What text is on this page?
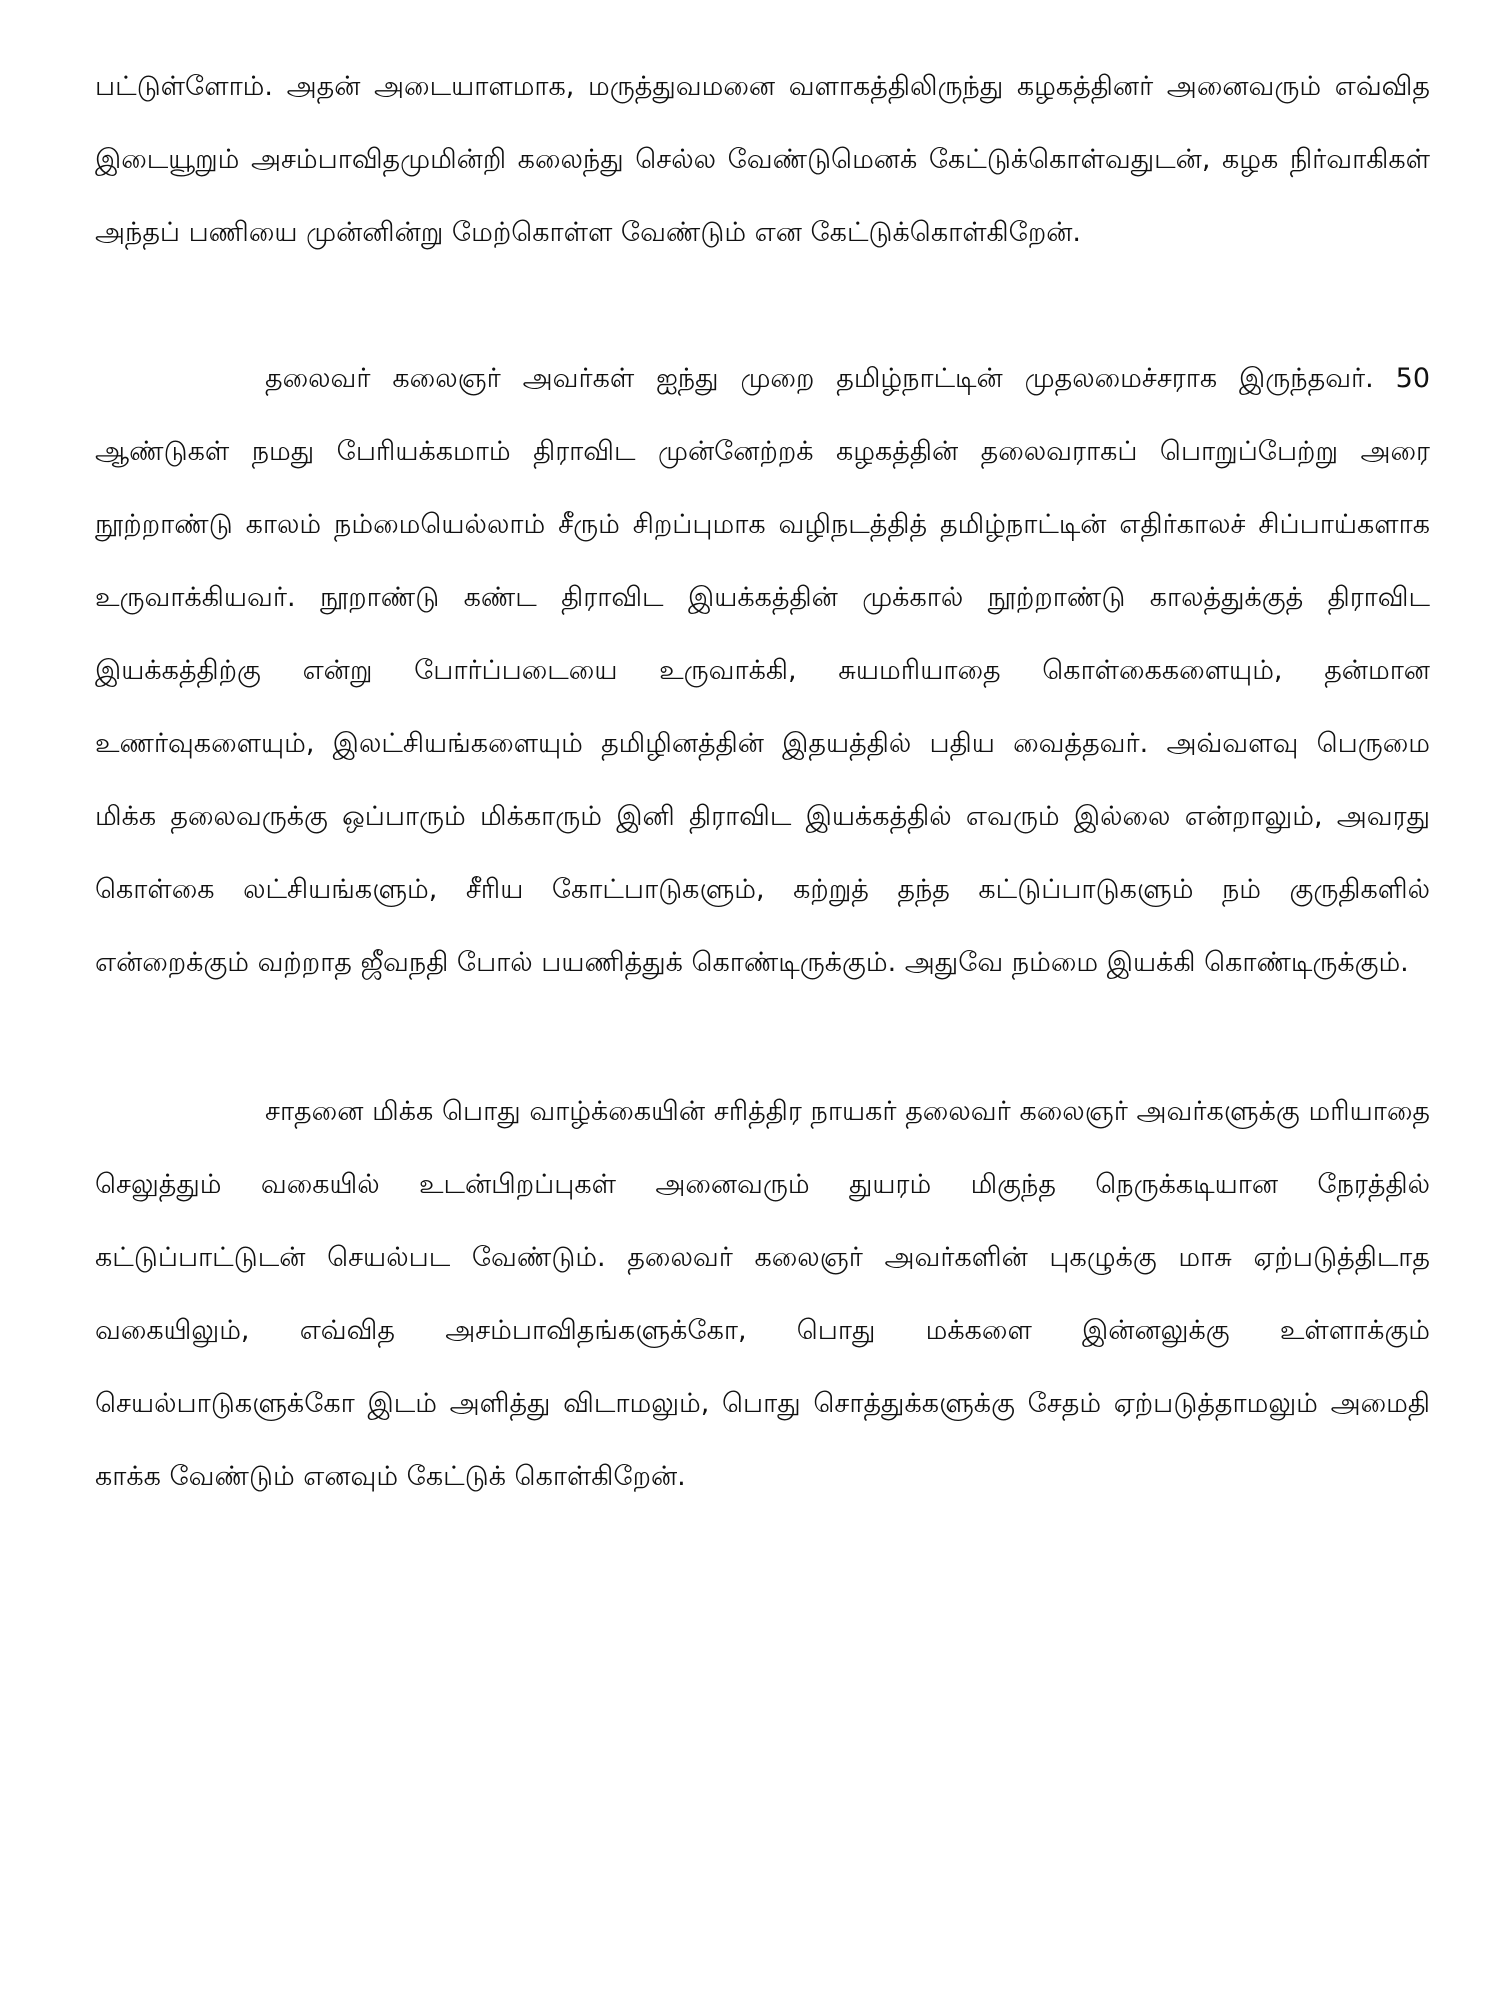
பட்டுள்ளோம். அதன் அடையாளமாக, மருத்துவமனை வளாகத்திலிருந்து கழகத்தினர் அனைவரும் எவ்வித இடையூறும் அசம்பாவிதமுமின்றி கலைந்து செல்ல வேண்டுமெனக் கேட்டுக்கொள்வதுடன், கழக நிர்வாகிகள் அந்தப் பணியை முன்னின்று மேற்கொள்ள வேண்டும் என கேட்டுக்கொள்கிறேன்.

தலைவர் கலைஞர் அவர்கள் ஐந்து முறை தமிழ்நாட்டின் முதலமைச்சராக இருந்தவர். 50 ஆண்டுகள் நமது பேரியக்கமாம் திராவிட முன்னேற்றக் கழகத்தின் தலைவராகப் பொறுப்பேற்று அரை நூற்றாண்டு காலம் நம்மையெல்லாம் சீரும் சிறப்புமாக வழிநடத்தித் தமிழ்நாட்டின் எதிர்காலச் சிப்பாய்களாக உருவாக்கியவர். நூறாண்டு கண்ட திராவிட இயக்கத்தின் முக்கால் நூற்றாண்டு காலத்துக்குத் திராவிட இயக்கத்திற்கு என்று போர்ப்படையை உருவாக்கி, சுயமரியாதை கொள்கைகளையும், தன்மான உணர்வுகளையும், இலட்சியங்களையும் தமிழினத்தின் இதயத்தில் பதிய வைத்தவர். அவ்வளவு பெருமை மிக்க தலைவருக்கு ஒப்பாரும் மிக்காரும் இனி திராவிட இயக்கத்தில் எவரும் இல்லை என்றாலும், அவரது கொள்கை லட்சியங்களும், சீரிய கோட்பாடுகளும், கற்றுத் தந்த கட்டுப்பாடுகளும் நம் குருதிகளில் என்றைக்கும் வற்றாத ஜீவநதி போல் பயணித்துக் கொண்டிருக்கும். அதுவே நம்மை இயக்கி கொண்டிருக்கும்.

சாதனை மிக்க பொது வாழ்க்கையின் சரித்திர நாயகர் தலைவர் கலைஞர் அவர்களுக்கு மரியாதை செலுத்தும் வகையில் உடன்பிறப்புகள் அனைவரும் துயரம் மிகுந்த நெருக்கடியான நேரத்தில் கட்டுப்பாட்டுடன் செயல்பட வேண்டும். தலைவர் கலைஞர் அவர்களின் புகழுக்கு மாசு ஏற்படுத்திடாத வகையிலும், எவ்வித அசம்பாவிதங்களுக்கோ, பொது மக்களை இன்னலுக்கு உள்ளாக்கும் செயல்பாடுகளுக்கோ இடம் அளித்து விடாமலும், பொது சொத்துக்களுக்கு சேதம் ஏற்படுத்தாமலும் அமைதி காக்க வேண்டும் எனவும் கேட்டுக் கொள்கிறேன்.
